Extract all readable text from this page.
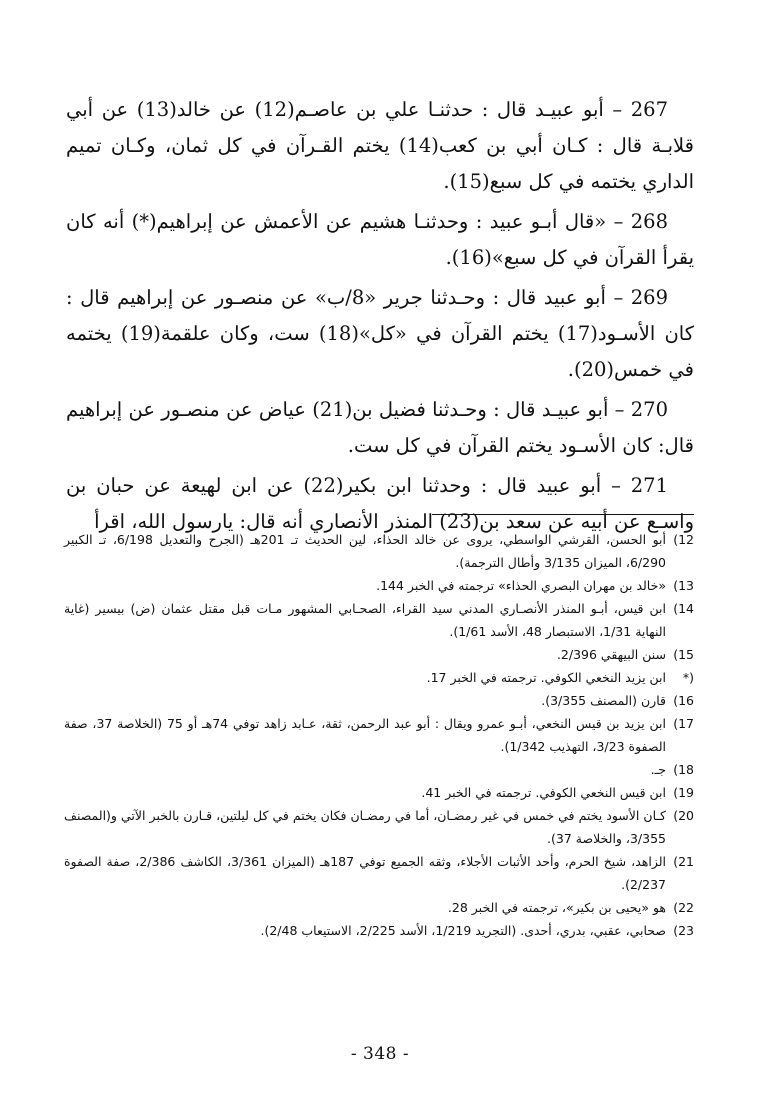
267 – أبو عبيـد قال : حدثنـا علي بن عاصـم(12) عن خالد(13) عن أبي قلابـة قال : كـان أبي بن كعب(14) يختم القـرآن في كل ثمان، وكـان تميم الداري يختمه في كل سبع(15).

268 – «قال أبـو عبيد : وحدثنـا هشيم عن الأعمش عن إبراهيم(*) أنه كان يقرأ القرآن في كل سبع»(16).

269 – أبو عبيد قال : وحـدثنا جرير «8/ب» عن منصـور عن إبراهيم قال : كان الأسـود(17) يختم القرآن في «كل»(18) ست، وكان علقمة(19) يختمه في خمس(20).

270 – أبو عبيـد قال : وحـدثنا فضيل بن(21) عياض عن منصـور عن إبراهيم قال: كان الأسـود يختم القرآن في كل ست.

271 – أبو عبيد قال : وحدثنا ابن بكير(22) عن ابن لهيعة عن حبان بن واسـع عن أبيه عن سعد بن(23) المنذر الأنصاري أنه قال: يارسول الله، اقرأ

12)
أبو الحسن، القرشي الواسطي، يروى عن خالد الحذاء، لين الحديث تـ 201هـ (الجرح والتعديل 6/198، تـ الكبير 6/290، الميزان 3/135 وأطال الترجمة).
13)
«خالد بن مهران البصري الحذاء» ترجمته في الخبر 144.
14)
ابن قيس، أبـو المنذر الأنصـاري المدني سيد القراء، الصحـابي المشهور مـات قبل مقتل عثمان (ض) بيسير (غاية النهاية 1/31، الاستبصار 48، الأسد 1/61).
15)
سنن البيهقي 2/396.
(*
ابن يزيد النخعي الكوفي. ترجمته في الخبر 17.
16)
قارن (المصنف 3/355).
17)
ابن يزيد بن قيس النخعي، أبـو عمرو ويقال : أبو عبد الرحمن، ثقة، عـابد زاهد توفي 74هـ أو 75 (الخلاصة 37، صفة الصفوة 3/23، التهذيب 1/342).
18)
جـ.
19)
ابن قيس النخعي الكوفي. ترجمته في الخبر 41.
20)
كـان الأسود يختم في خمس في غير رمضـان، أما في رمضـان فكان يختم في كل ليلتين، قـارن بالخبر الآتي و(المصنف 3/355، والخلاصة 37).
21)
الزاهد، شيخ الحرم، وأحد الأثبات الأجلاء، وثقه الجميع توفي 187هـ (الميزان 3/361، الكاشف 2/386، صفة الصفوة 2/237).
22)
هو «يحيى بن بكير»، ترجمته في الخبر 28.
23)
صحابي، عقبي، بدري، أحدى. (التجريد 1/219، الأسد 2/225، الاستيعاب 2/48).
- 348 -
